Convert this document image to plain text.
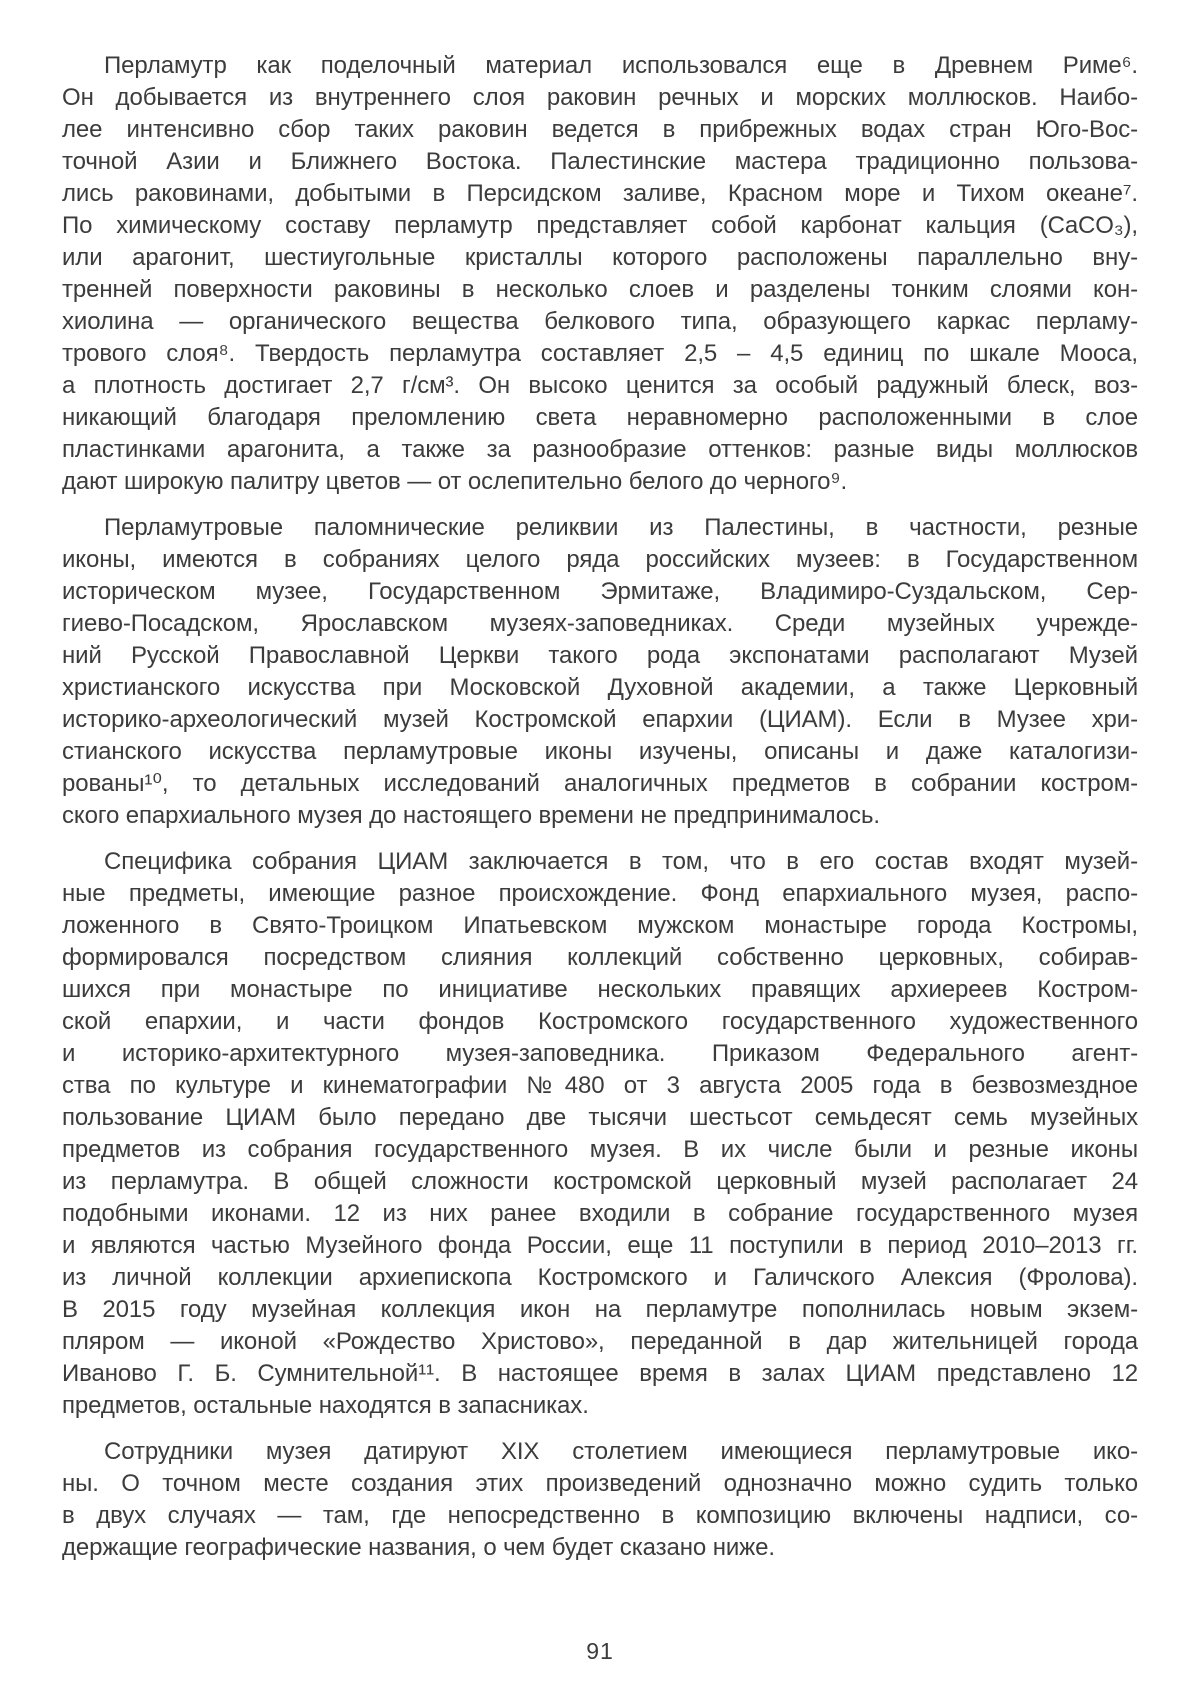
Перламутр как поделочный материал использовался еще в Древнем Риме⁶.
Он добывается из внутреннего слоя раковин речных и морских моллюсков. Наибо-
лее интенсивно сбор таких раковин ведется в прибрежных водах стран Юго-Вос-
точной Азии и Ближнего Востока. Палестинские мастера традиционно пользова-
лись раковинами, добытыми в Персидском заливе, Красном море и Тихом океане⁷.
По химическому составу перламутр представляет собой карбонат кальция (CaCO₃),
или арагонит, шестиугольные кристаллы которого расположены параллельно вну-
тренней поверхности раковины в несколько слоев и разделены тонким слоями кон-
хиолина — органического вещества белкового типа, образующего каркас перламу-
трового слоя⁸. Твердость перламутра составляет 2,5 – 4,5 единиц по шкале Мооса,
а плотность достигает 2,7 г/см³. Он высоко ценится за особый радужный блеск, воз-
никающий благодаря преломлению света неравномерно расположенными в слое
пластинками арагонита, а также за разнообразие оттенков: разные виды моллюсков
дают широкую палитру цветов — от ослепительно белого до черного⁹.

Перламутровые паломнические реликвии из Палестины, в частности, резные
иконы, имеются в собраниях целого ряда российских музеев: в Государственном
историческом музее, Государственном Эрмитаже, Владимиро-Суздальском, Сер-
гиево-Посадском, Ярославском музеях-заповедниках. Среди музейных учрежде-
ний Русской Православной Церкви такого рода экспонатами располагают Музей
христианского искусства при Московской Духовной академии, а также Церковный
историко-археологический музей Костромской епархии (ЦИАМ). Если в Музее хри-
стианского искусства перламутровые иконы изучены, описаны и даже каталогизи-
рованы¹⁰, то детальных исследований аналогичных предметов в собрании костром-
ского епархиального музея до настоящего времени не предпринималось.

Специфика собрания ЦИАМ заключается в том, что в его состав входят музей-
ные предметы, имеющие разное происхождение. Фонд епархиального музея, распо-
ложенного в Свято-Троицком Ипатьевском мужском монастыре города Костромы,
формировался посредством слияния коллекций собственно церковных, собирав-
шихся при монастыре по инициативе нескольких правящих архиереев Костром-
ской епархии, и части фондов Костромского государственного художественного
и историко-архитектурного музея-заповедника. Приказом Федерального агент-
ства по культуре и кинематографии №480 от 3 августа 2005 года в безвозмездное
пользование ЦИАМ было передано две тысячи шестьсот семьдесят семь музейных
предметов из собрания государственного музея. В их числе были и резные иконы
из перламутра. В общей сложности костромской церковный музей располагает 24
подобными иконами. 12 из них ранее входили в собрание государственного музея
и являются частью Музейного фонда России, еще 11 поступили в период 2010–2013 гг.
из личной коллекции архиепископа Костромского и Галичского Алексия (Фролова).
В 2015 году музейная коллекция икон на перламутре пополнилась новым экзем-
пляром — иконой «Рождество Христово», переданной в дар жительницей города
Иваново Г. Б. Сумнительной¹¹. В настоящее время в залах ЦИАМ представлено 12
предметов, остальные находятся в запасниках.

Сотрудники музея датируют XIX столетием имеющиеся перламутровые ико-
ны. О точном месте создания этих произведений однозначно можно судить только
в двух случаях — там, где непосредственно в композицию включены надписи, со-
держащие географические названия, о чем будет сказано ниже.

91
